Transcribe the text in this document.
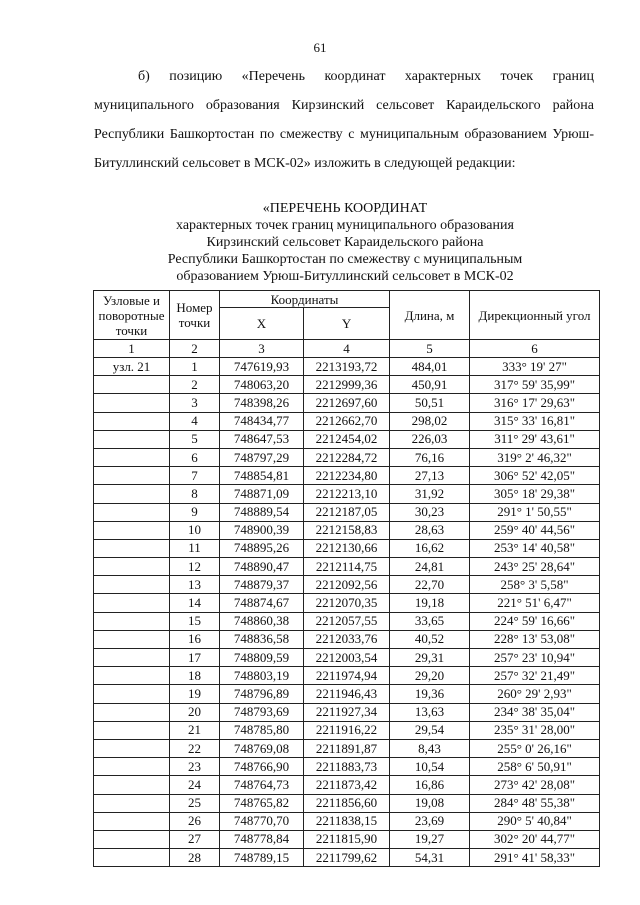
61

б) позицию «Перечень координат характерных точек границ муниципального образования Кирзинский сельсовет Караидельского района Республики Башкортостан по смежеству с муниципальным образованием Урюш-Битуллинский сельсовет в МСК-02» изложить в следующей редакции:

«ПЕРЕЧЕНЬ КООРДИНАТ
характерных точек границ муниципального образования
Кирзинский сельсовет Караидельского района
Республики Башкортостан по смежеству с муниципальным
образованием Урюш-Битуллинский сельсовет в МСК-02
Узловые и поворотные точки	Номер точки	Координаты		Длина, м	Дирекционный угол
		X	Y		
1	2	3	4	5	6
узл. 21	1	747619,93	2213193,72	484,01	333° 19' 27"
	2	748063,20	2212999,36	450,91	317° 59' 35,99"
	3	748398,26	2212697,60	50,51	316° 17' 29,63"
	4	748434,77	2212662,70	298,02	315° 33' 16,81"
	5	748647,53	2212454,02	226,03	311° 29' 43,61"
	6	748797,29	2212284,72	76,16	319° 2' 46,32"
	7	748854,81	2212234,80	27,13	306° 52' 42,05"
	8	748871,09	2212213,10	31,92	305° 18' 29,38"
	9	748889,54	2212187,05	30,23	291° 1' 50,55"
	10	748900,39	2212158,83	28,63	259° 40' 44,56"
	11	748895,26	2212130,66	16,62	253° 14' 40,58"
	12	748890,47	2212114,75	24,81	243° 25' 28,64"
	13	748879,37	2212092,56	22,70	258° 3' 5,58"
	14	748874,67	2212070,35	19,18	221° 51' 6,47"
	15	748860,38	2212057,55	33,65	224° 59' 16,66"
	16	748836,58	2212033,76	40,52	228° 13' 53,08"
	17	748809,59	2212003,54	29,31	257° 23' 10,94"
	18	748803,19	2211974,94	29,20	257° 32' 21,49"
	19	748796,89	2211946,43	19,36	260° 29' 2,93"
	20	748793,69	2211927,34	13,63	234° 38' 35,04"
	21	748785,80	2211916,22	29,54	235° 31' 28,00"
	22	748769,08	2211891,87	8,43	255° 0' 26,16"
	23	748766,90	2211883,73	10,54	258° 6' 50,91"
	24	748764,73	2211873,42	16,86	273° 42' 28,08"
	25	748765,82	2211856,60	19,08	284° 48' 55,38"
	26	748770,70	2211838,15	23,69	290° 5' 40,84"
	27	748778,84	2211815,90	19,27	302° 20' 44,77"
	28	748789,15	2211799,62	54,31	291° 41' 58,33"
